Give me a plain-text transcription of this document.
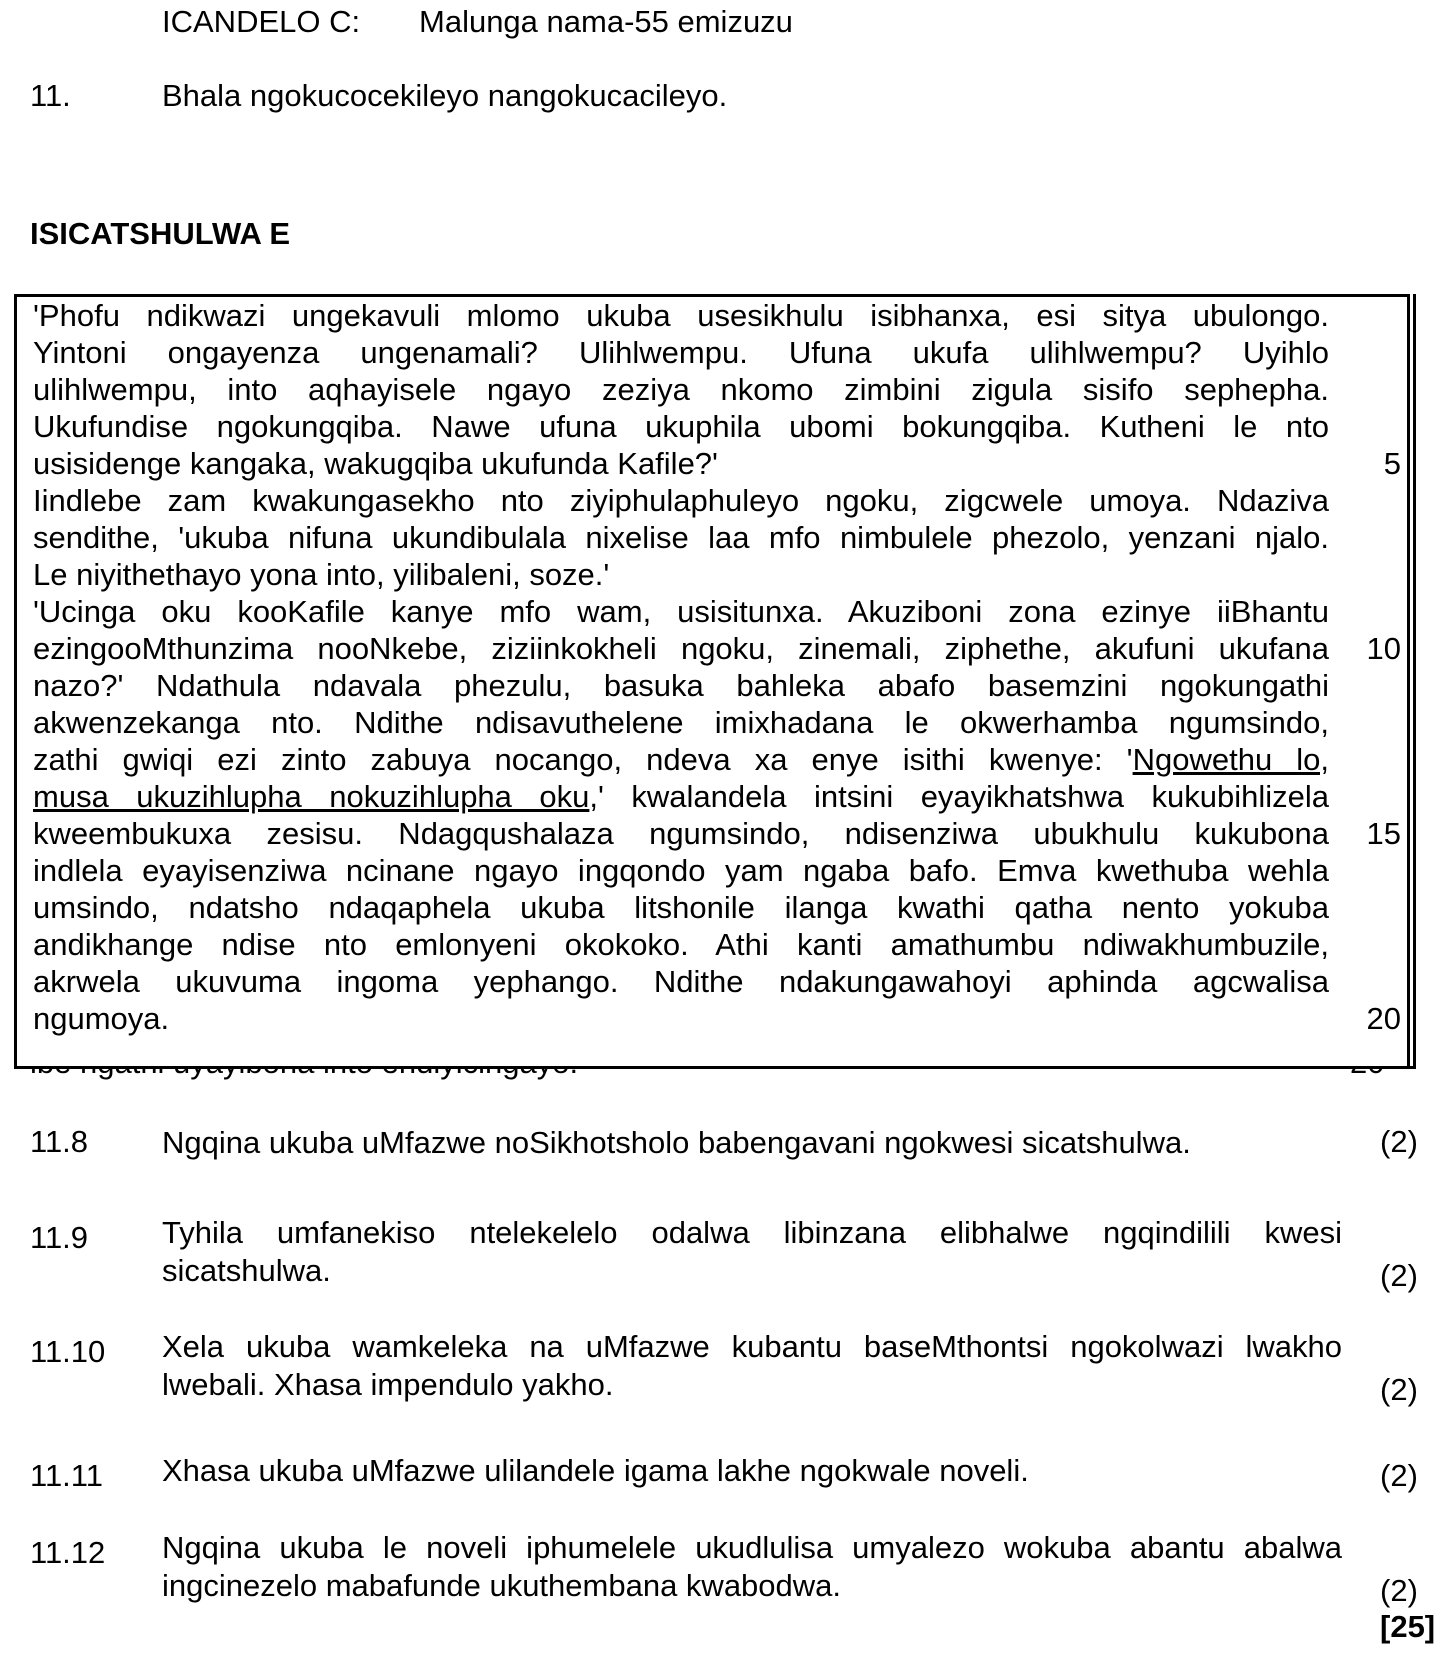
ICANDELO C: Malunga nama-55 emizuzu
11.	Bhala ngokucocekileyo nangokucacileyo.
ISICATSHULWA E
'Phofu ndikwazi ungekavuli mlomo ukuba usesikhulu isibhanxa, esi sitya ubulongo.
Yintoni ongayenza ungenamali? Ulihlwempu. Ufuna ukufa ulihlwempu? Uyihlo
ulihlwempu, into aqhayisele ngayo zeziya nkomo zimbini zigula sisifo sephepha.
Ukufundise ngokungqiba. Nawe ufuna ukuphila ubomi bokungqiba. Kutheni le nto
usisidenge kangaka, wakugqiba ukufunda Kafile?'	5
Iindlebe zam kwakungasekho nto ziyiphulaphuleyo ngoku, zigcwele umoya. Ndaziva
sendithe, 'ukuba nifuna ukundibulala nixelise laa mfo nimbulele phezolo, yenzani njalo.
Le niyithethayo yona into, yilibaleni, soze.'
'Ucinga oku kooKafile kanye mfo wam, usisitunxa. Akuziboni zona ezinye iiBhantu
ezingooMthunzima nooNkebe, ziziinkokheli ngoku, zinemali, ziphethe, akufuni ukufana	10
nazo?' Ndathula ndavala phezulu, basuka bahleka abafo basemzini ngokungathi
akwenzekanga nto. Ndithe ndisavuthelene imixhadana le okwerhamba ngumsindo,
zathi gwiqi ezi zinto zabuya nocango, ndeva xa enye isithi kwenye: 'Ngowethu lo,
musa ukuzihlupha nokuzihlupha oku,' kwalandela intsini eyayikhatshwa kukubihlizela
kweembukuxa zesisu. Ndagqushalaza ngumsindo, ndisenziwa ubukhulu kukubona	15
indlela eyayisenziwa ncinane ngayo ingqondo yam ngaba bafo. Emva kwethuba wehla
umsindo, ndatsho ndaqaphela ukuba litshonile ilanga kwathi qatha nento yokuba
andikhange ndise nto emlonyeni okokoko. Athi kanti amathumbu ndiwakhumbuzile,
akrwela ukuvuma ingoma yephango. Ndithe ndakungawahoyi aphinda agcwalisa
ngumoya.	20
11.8 Ngqina ukuba uMfazwe noSikhotsholo babengavani ngokwesi sicatshulwa.	(2)
11.9 Tyhila umfanekiso ntelekelelo odalwa libinzana elibhalwe ngqindilili kwesi sicatshulwa.	(2)
11.10 Xela ukuba wamkeleka na uMfazwe kubantu baseMthontsi ngokolwazi lwakho lwebali. Xhasa impendulo yakho.	(2)
11.11 Xhasa ukuba uMfazwe ulilandele igama lakhe ngokwale noveli.	(2)
11.12 Ngqina ukuba le noveli iphumelele ukudlulisa umyalezo wokuba abantu abalwa ingcinezelo mabafunde ukuthembana kwabodwa.	(2)
[25]
